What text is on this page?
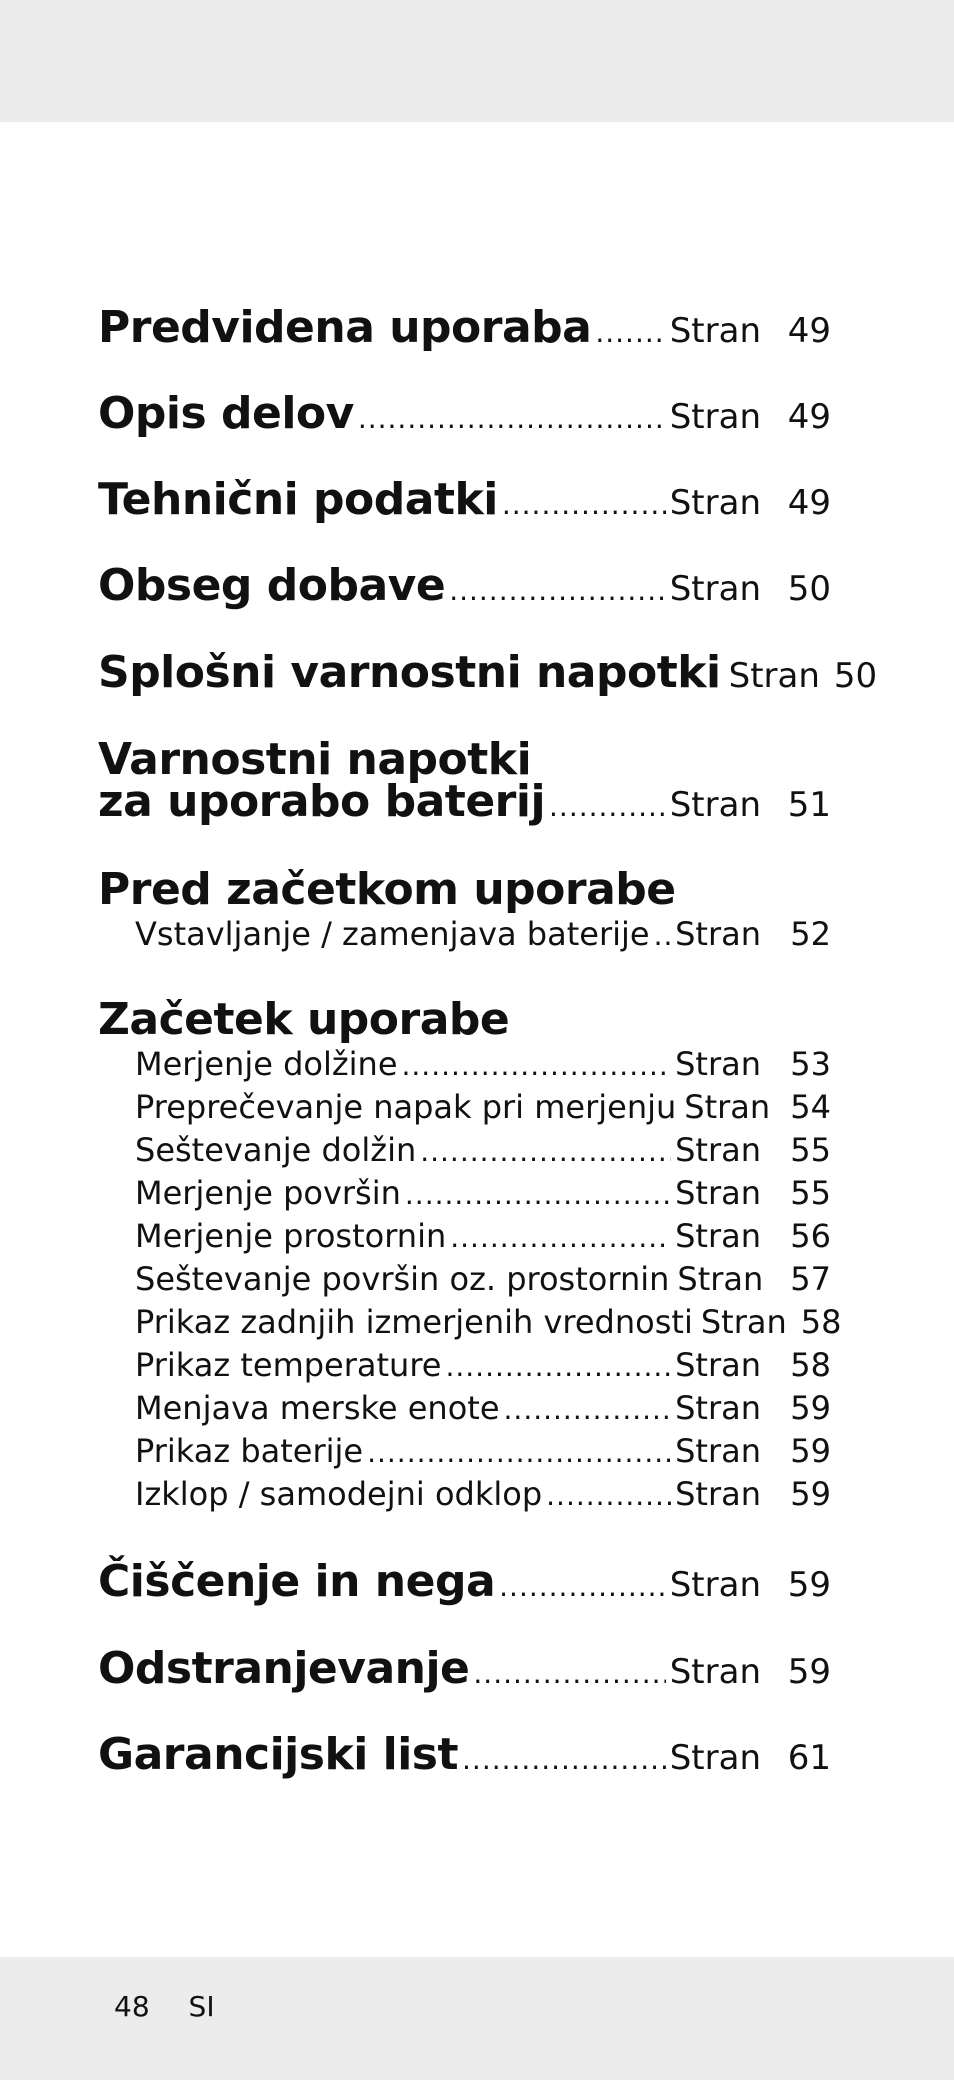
Predvidena uporaba ..... Stran 49
Opis delov .....	Stran 49
Tehnični podatki .....	Stran 49
Obseg dobave .....	Stran 50
Splošni varnostni napotki Stran 50
Varnostni napotki
za uporabo baterij .....	Stran 51
Pred začetkom uporabe
Vstavljanje / zamenjava baterije ..... Stran 52
Začetek uporabe
Merjenje dolžine .....	Stran 53
Preprečevanje napak pri merjenju Stran 54
Seštevanje dolžin .....	Stran 55
Merjenje površin .....	Stran 55
Merjenje prostornin .....	Stran 56
Seštevanje površin oz. prostornin Stran 57
Prikaz zadnjih izmerjenih vrednosti Stran 58
Prikaz temperature .....	Stran 58
Menjava merske enote .....	Stran 59
Prikaz baterije .....	Stran 59
Izklop / samodejni odklop .....	Stran 59
Čiščenje in nega .....	Stran 59
Odstranjevanje .....	Stran 59
Garancijski list .....	Stran 61
48 SI
